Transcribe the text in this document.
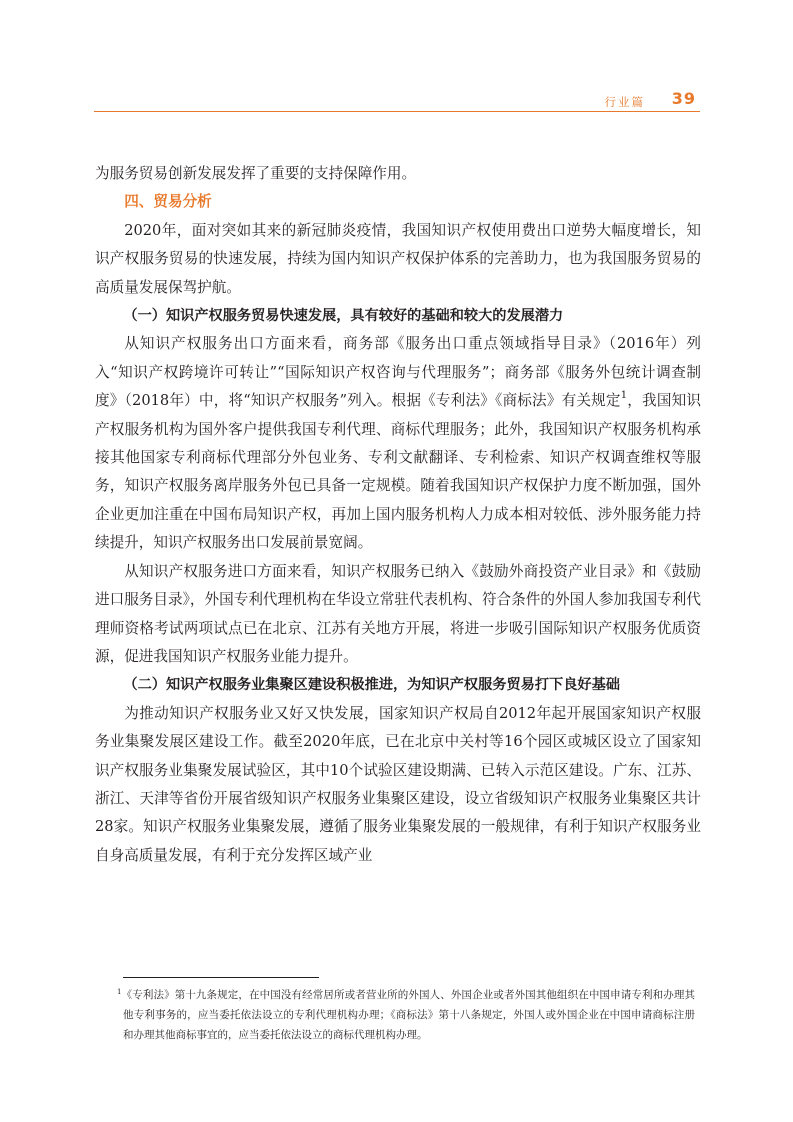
行业篇 39

为服务贸易创新发展发挥了重要的支持保障作用。

四、贸易分析

2020年，面对突如其来的新冠肺炎疫情，我国知识产权使用费出口逆势大幅度增长，知识产权服务贸易的快速发展，持续为国内知识产权保护体系的完善助力，也为我国服务贸易的高质量发展保驾护航。

（一）知识产权服务贸易快速发展，具有较好的基础和较大的发展潜力

从知识产权服务出口方面来看，商务部《服务出口重点领域指导目录》（2016年）列入“知识产权跨境许可转让”“国际知识产权咨询与代理服务”；商务部《服务外包统计调查制度》（2018年）中，将“知识产权服务”列入。根据《专利法》《商标法》有关规定$^1$，我国知识产权服务机构为国外客户提供我国专利代理、商标代理服务；此外，我国知识产权服务机构承接其他国家专利商标代理部分外包业务、专利文献翻译、专利检索、知识产权调查维权等服务，知识产权服务离岸服务外包已具备一定规模。随着我国知识产权保护力度不断加强，国外企业更加注重在中国布局知识产权，再加上国内服务机构人力成本相对较低、涉外服务能力持续提升，知识产权服务出口发展前景宽阔。

从知识产权服务进口方面来看，知识产权服务已纳入《鼓励外商投资产业目录》和《鼓励进口服务目录》，外国专利代理机构在华设立常驻代表机构、符合条件的外国人参加我国专利代理师资格考试两项试点已在北京、江苏有关地方开展，将进一步吸引国际知识产权服务优质资源，促进我国知识产权服务业能力提升。

（二）知识产权服务业集聚区建设积极推进，为知识产权服务贸易打下良好基础

为推动知识产权服务业又好又快发展，国家知识产权局自2012年起开展国家知识产权服务业集聚发展区建设工作。截至2020年底，已在北京中关村等16个园区或城区设立了国家知识产权服务业集聚发展试验区，其中10个试验区建设期满、已转入示范区建设。广东、江苏、浙江、天津等省份开展省级知识产权服务业集聚区建设，设立省级知识产权服务业集聚区共计28家。知识产权服务业集聚发展，遵循了服务业集聚发展的一般规律，有利于知识产权服务业自身高质量发展，有利于充分发挥区域产业

$^1$《专利法》第十九条规定，在中国没有经常居所或者营业所的外国人、外国企业或者外国其他组织在中国申请专利和办理其他专利事务的，应当委托依法设立的专利代理机构办理；《商标法》第十八条规定，外国人或外国企业在中国申请商标注册和办理其他商标事宜的，应当委托依法设立的商标代理机构办理。
